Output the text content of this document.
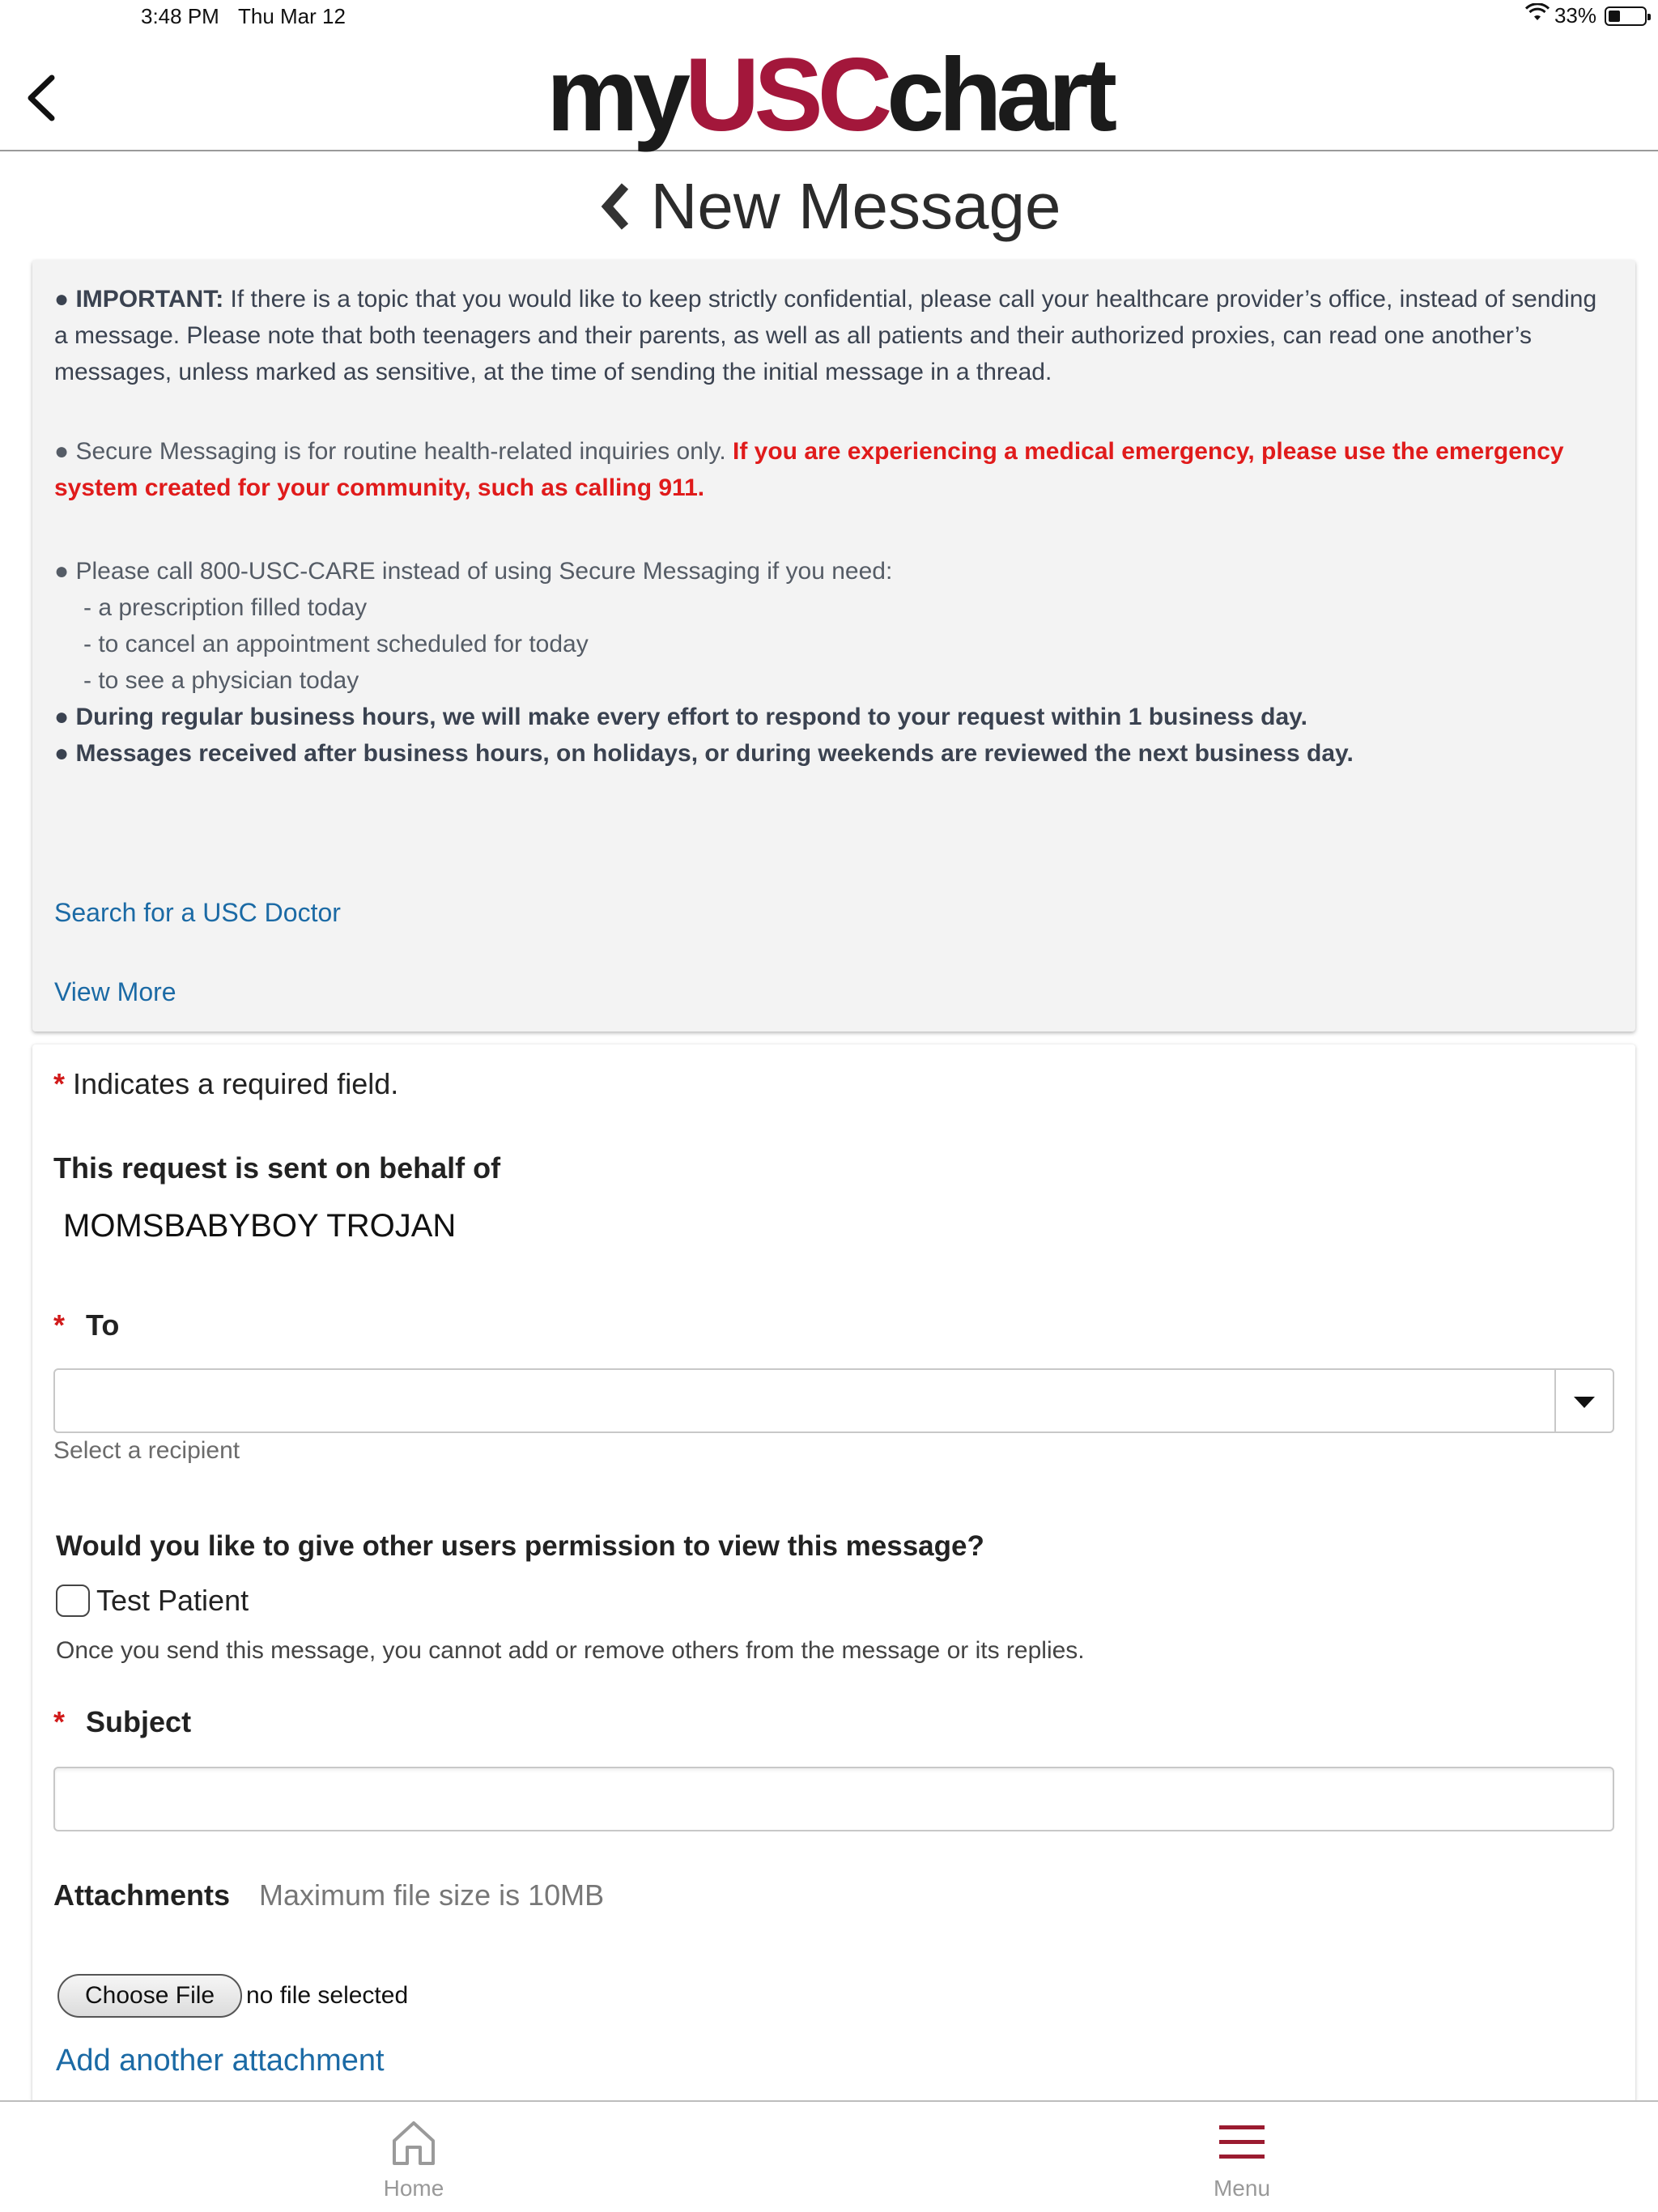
3:48 PM Thu Mar 12	33%
myUSCchart
New Message

● IMPORTANT: If there is a topic that you would like to keep strictly confidential, please call your healthcare provider’s office, instead of sending a message. Please note that both teenagers and their parents, as well as all patients and their authorized proxies, can read one another’s messages, unless marked as sensitive, at the time of sending the initial message in a thread.

● Secure Messaging is for routine health-related inquiries only. If you are experiencing a medical emergency, please use the emergency system created for your community, such as calling 911.

● Please call 800-USC-CARE instead of using Secure Messaging if you need:

- a prescription filled today

- to cancel an appointment scheduled for today

- to see a physician today

● During regular business hours, we will make every effort to respond to your request within 1 business day.

● Messages received after business hours, on holidays, or during weekends are reviewed the next business day.

Search for a USC Doctor

View More

* Indicates a required field.
This request is sent on behalf of
MOMSBABYBOY TROJAN
* To
Select a recipient
Would you like to give other users permission to view this message?
Test Patient
Once you send this message, you cannot add or remove others from the message or its replies.
* Subject
Attachments Maximum file size is 10MB
Choose File	no file selected
Add another attachment
Home	Menu
